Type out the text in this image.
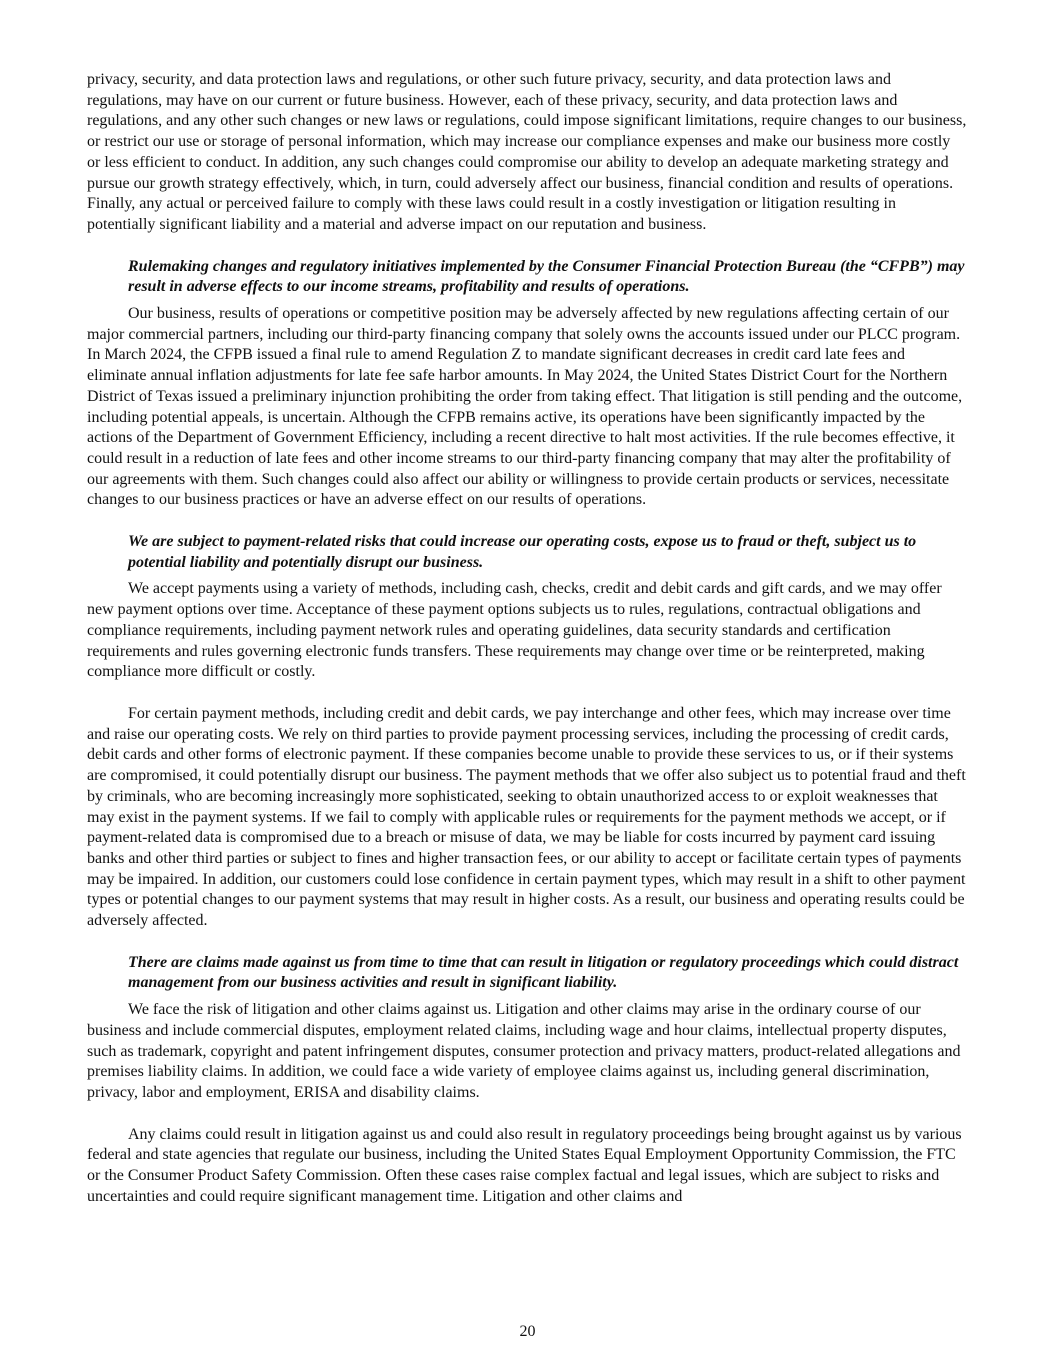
privacy, security, and data protection laws and regulations, or other such future privacy, security, and data protection laws and regulations, may have on our current or future business. However, each of these privacy, security, and data protection laws and regulations, and any other such changes or new laws or regulations, could impose significant limitations, require changes to our business, or restrict our use or storage of personal information, which may increase our compliance expenses and make our business more costly or less efficient to conduct. In addition, any such changes could compromise our ability to develop an adequate marketing strategy and pursue our growth strategy effectively, which, in turn, could adversely affect our business, financial condition and results of operations. Finally, any actual or perceived failure to comply with these laws could result in a costly investigation or litigation resulting in potentially significant liability and a material and adverse impact on our reputation and business.

Rulemaking changes and regulatory initiatives implemented by the Consumer Financial Protection Bureau (the “CFPB”) may result in adverse effects to our income streams, profitability and results of operations.

Our business, results of operations or competitive position may be adversely affected by new regulations affecting certain of our major commercial partners, including our third-party financing company that solely owns the accounts issued under our PLCC program. In March 2024, the CFPB issued a final rule to amend Regulation Z to mandate significant decreases in credit card late fees and eliminate annual inflation adjustments for late fee safe harbor amounts. In May 2024, the United States District Court for the Northern District of Texas issued a preliminary injunction prohibiting the order from taking effect. That litigation is still pending and the outcome, including potential appeals, is uncertain. Although the CFPB remains active, its operations have been significantly impacted by the actions of the Department of Government Efficiency, including a recent directive to halt most activities. If the rule becomes effective, it could result in a reduction of late fees and other income streams to our third-party financing company that may alter the profitability of our agreements with them. Such changes could also affect our ability or willingness to provide certain products or services, necessitate changes to our business practices or have an adverse effect on our results of operations.

We are subject to payment-related risks that could increase our operating costs, expose us to fraud or theft, subject us to potential liability and potentially disrupt our business.

We accept payments using a variety of methods, including cash, checks, credit and debit cards and gift cards, and we may offer new payment options over time. Acceptance of these payment options subjects us to rules, regulations, contractual obligations and compliance requirements, including payment network rules and operating guidelines, data security standards and certification requirements and rules governing electronic funds transfers. These requirements may change over time or be reinterpreted, making compliance more difficult or costly.

For certain payment methods, including credit and debit cards, we pay interchange and other fees, which may increase over time and raise our operating costs. We rely on third parties to provide payment processing services, including the processing of credit cards, debit cards and other forms of electronic payment. If these companies become unable to provide these services to us, or if their systems are compromised, it could potentially disrupt our business. The payment methods that we offer also subject us to potential fraud and theft by criminals, who are becoming increasingly more sophisticated, seeking to obtain unauthorized access to or exploit weaknesses that may exist in the payment systems. If we fail to comply with applicable rules or requirements for the payment methods we accept, or if payment-related data is compromised due to a breach or misuse of data, we may be liable for costs incurred by payment card issuing banks and other third parties or subject to fines and higher transaction fees, or our ability to accept or facilitate certain types of payments may be impaired. In addition, our customers could lose confidence in certain payment types, which may result in a shift to other payment types or potential changes to our payment systems that may result in higher costs. As a result, our business and operating results could be adversely affected.

There are claims made against us from time to time that can result in litigation or regulatory proceedings which could distract management from our business activities and result in significant liability.

We face the risk of litigation and other claims against us. Litigation and other claims may arise in the ordinary course of our business and include commercial disputes, employment related claims, including wage and hour claims, intellectual property disputes, such as trademark, copyright and patent infringement disputes, consumer protection and privacy matters, product-related allegations and premises liability claims. In addition, we could face a wide variety of employee claims against us, including general discrimination, privacy, labor and employment, ERISA and disability claims.

Any claims could result in litigation against us and could also result in regulatory proceedings being brought against us by various federal and state agencies that regulate our business, including the United States Equal Employment Opportunity Commission, the FTC or the Consumer Product Safety Commission. Often these cases raise complex factual and legal issues, which are subject to risks and uncertainties and could require significant management time. Litigation and other claims and

20
